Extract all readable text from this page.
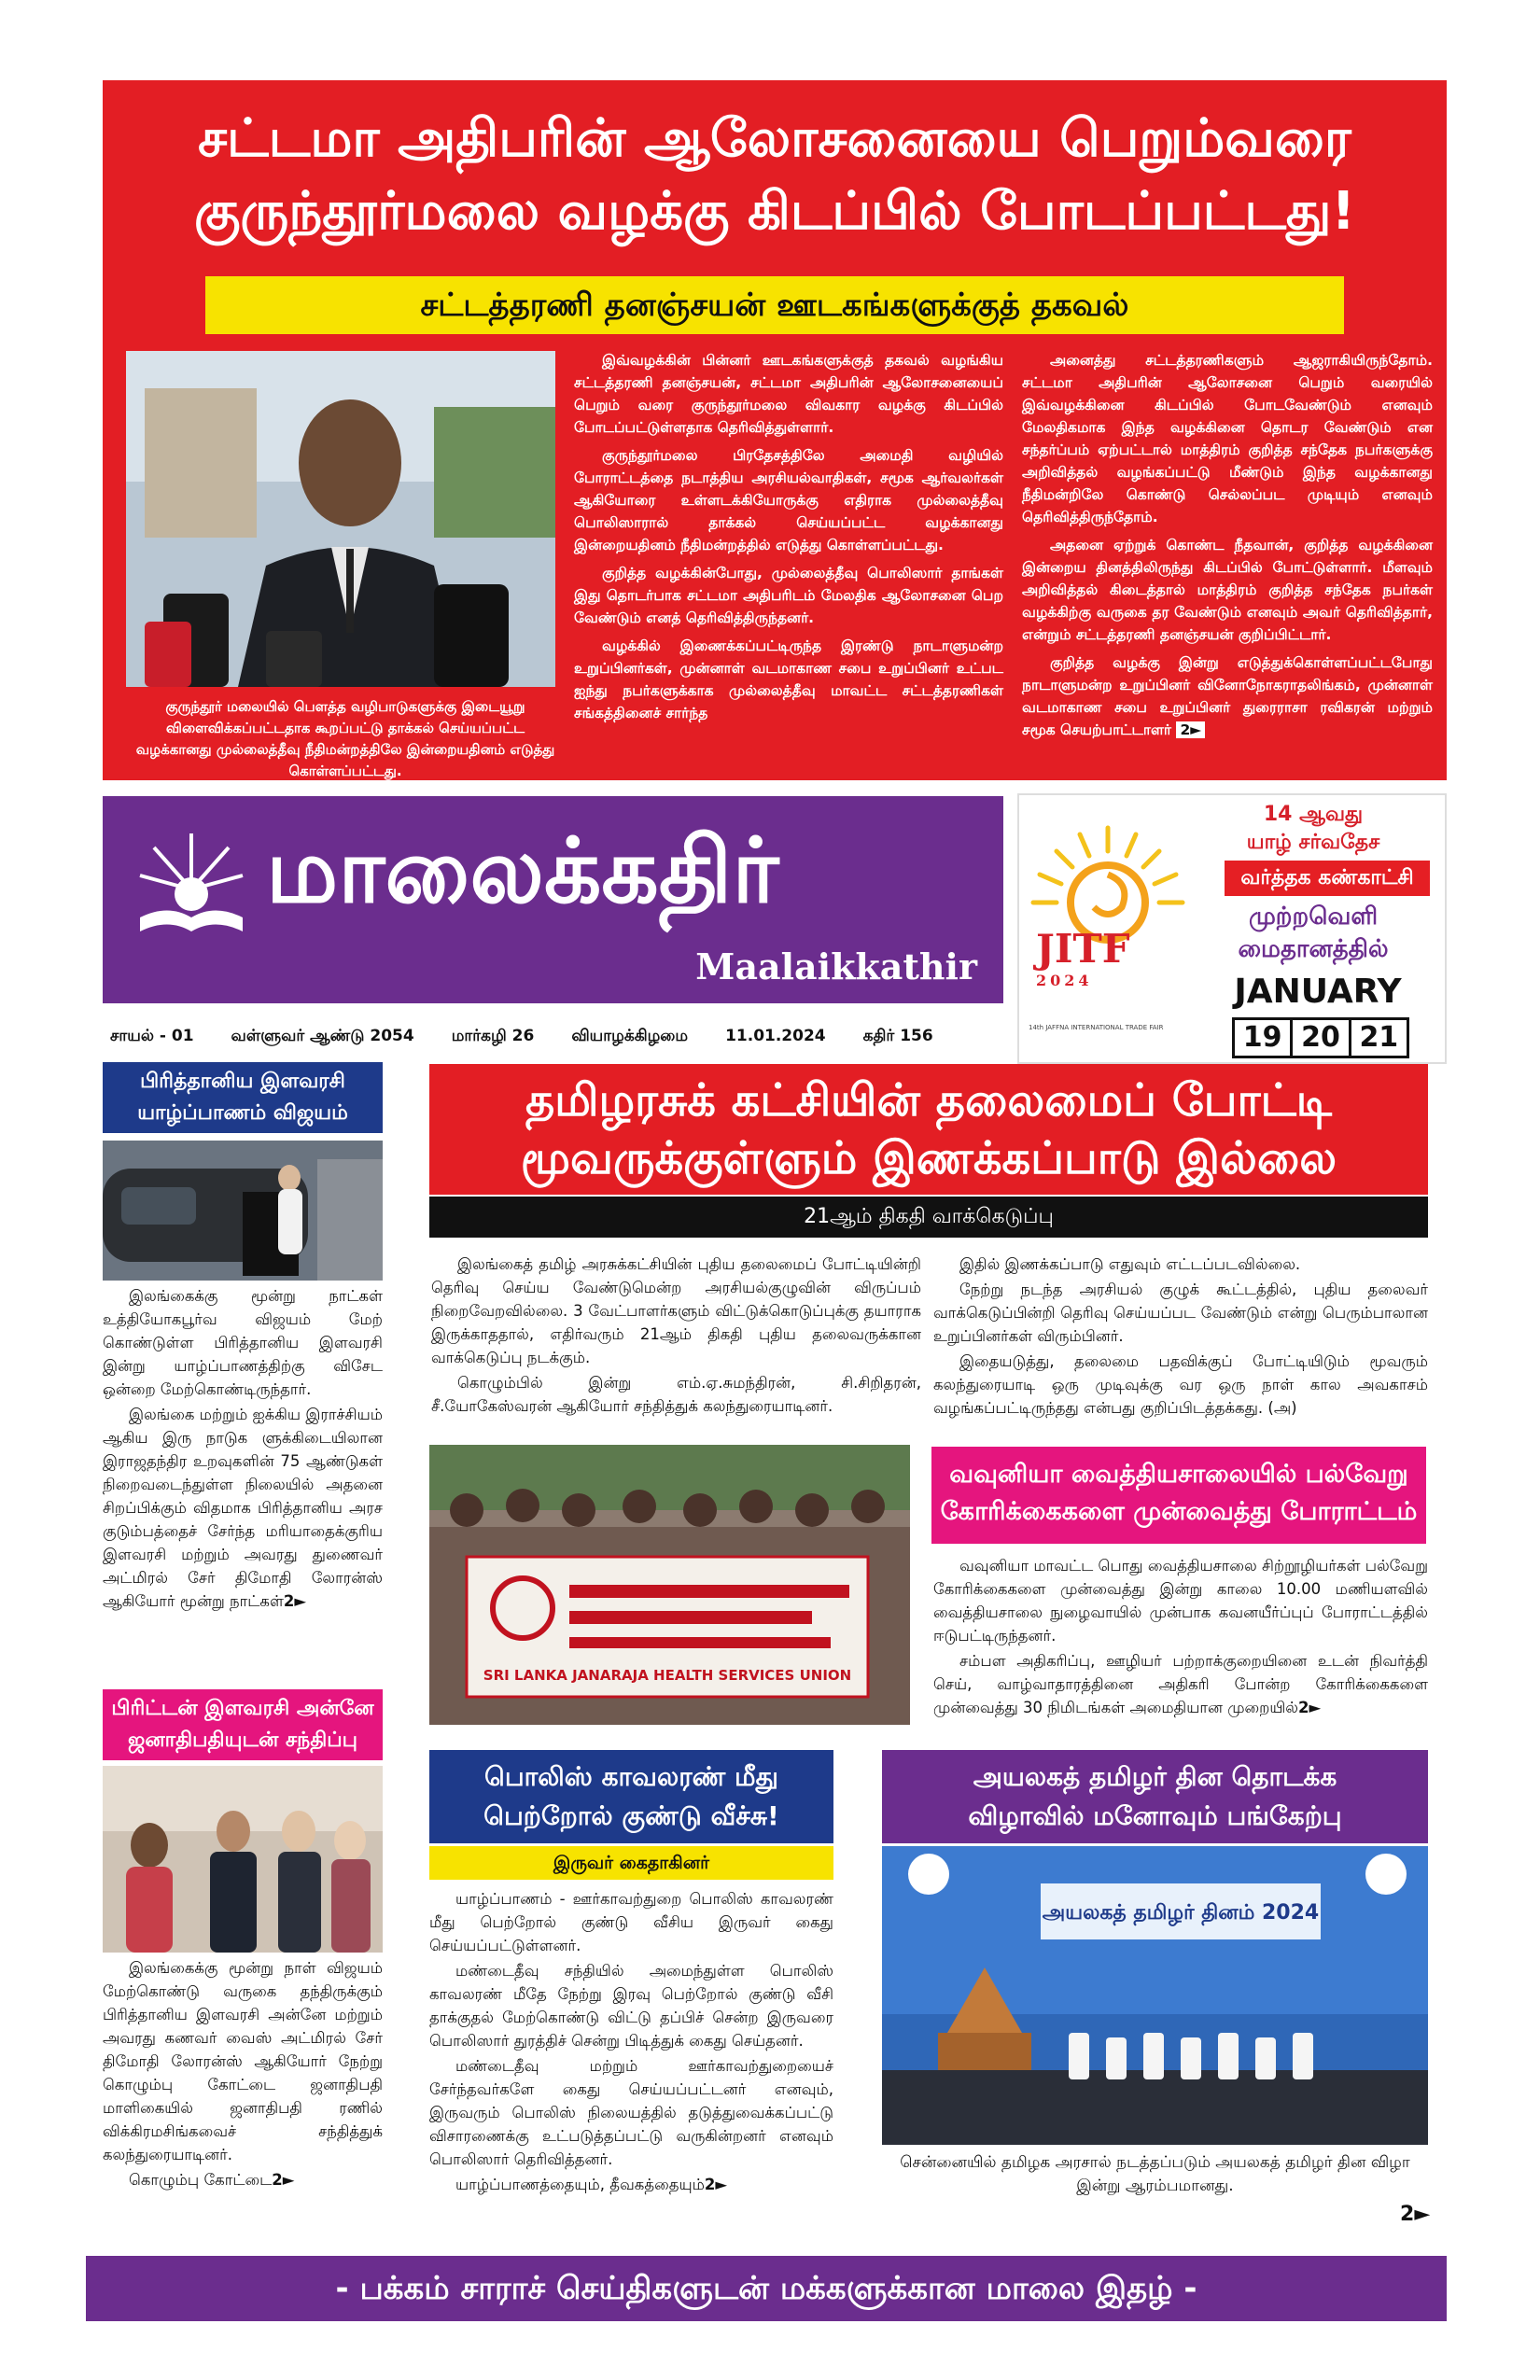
சட்டமா அதிபரின் ஆலோசனையை பெறும்வரை
குருந்தூர்மலை வழக்கு கிடப்பில் போடப்பட்டது!
சட்டத்தரணி தனஞ்சயன் ஊடகங்களுக்குத் தகவல்
குருந்தூர் மலையில் பௌத்த வழிபாடுகளுக்கு இடையூறு விளைவிக்கப்பட்டதாக கூறப்பட்டு தாக்கல் செய்யப்பட்ட வழக்கானது முல்லைத்தீவு நீதிமன்றத்திலே இன்றையதினம் எடுத்து கொள்ளப்பட்டது.

இவ்வழக்கின் பின்னர் ஊடகங்களுக்குத் தகவல் வழங்கிய சட்டத்தரணி தனஞ்சயன், சட்டமா அதிபரின் ஆலோசனையைப் பெறும் வரை குருந்தூர்மலை விவகார வழக்கு கிடப்பில் போடப்பட்டுள்ளதாக தெரிவித்துள்ளார்.

குருந்தூர்மலை பிரதேசத்திலே அமைதி வழியில் போராட்டத்தை நடாத்திய அரசியல்வாதிகள், சமூக ஆர்வலர்கள் ஆகியோரை உள்ளடக்கியோருக்கு எதிராக முல்லைத்தீவு பொலிஸாரால் தாக்கல் செய்யப்பட்ட வழக்கானது இன்றையதினம் நீதிமன்றத்தில் எடுத்து கொள்ளப்பட்டது.

குறித்த வழக்கின்போது, முல்லைத்தீவு பொலிஸார் தாங்கள் இது தொடர்பாக சட்டமா அதிபரிடம் மேலதிக ஆலோசனை பெற வேண்டும் எனத் தெரிவித்திருந்தனர்.

வழக்கில் இணைக்கப்பட்டிருந்த இரண்டு நாடாளுமன்ற உறுப்பினர்கள், முன்னாள் வடமாகாண சபை உறுப்பினர் உட்பட ஐந்து நபர்களுக்காக முல்லைத்தீவு மாவட்ட சட்டத்தரணிகள் சங்கத்தினைச் சார்ந்த

அனைத்து சட்டத்தரணிகளும் ஆஜராகியிருந்தோம். சட்டமா அதிபரின் ஆலோசனை பெறும் வரையில் இவ்வழக்கினை கிடப்பில் போடவேண்டும் எனவும் மேலதிகமாக இந்த வழக்கினை தொடர வேண்டும் என சந்தர்ப்பம் ஏற்பட்டால் மாத்திரம் குறித்த சந்தேக நபர்களுக்கு அறிவித்தல் வழங்கப்பட்டு மீண்டும் இந்த வழக்கானது நீதிமன்றிலே கொண்டு செல்லப்பட முடியும் எனவும் தெரிவித்திருந்தோம்.

அதனை ஏற்றுக் கொண்ட நீதவான், குறித்த வழக்கினை இன்றைய தினத்திலிருந்து கிடப்பில் போட்டுள்ளார். மீளவும் அறிவித்தல் கிடைத்தால் மாத்திரம் குறித்த சந்தேக நபர்கள் வழக்கிற்கு வருகை தர வேண்டும் எனவும் அவர் தெரிவித்தார், என்றும் சட்டத்தரணி தனஞ்சயன் குறிப்பிட்டார்.

குறித்த வழக்கு இன்று எடுத்துக்கொள்ளப்பட்டபோது நாடாளுமன்ற உறுப்பினர் வினோநோகராதலிங்கம், முன்னாள் வடமாகாண சபை உறுப்பினர் துரைராசா ரவிகரன் மற்றும் சமூக செயற்பாட்டாளர் 2►

மாலைக்கதிர்
Maalaikkathir JITF
2024
14th JAFFNA INTERNATIONAL TRADE FAIR
14 ஆவது
யாழ் சர்வதேச
வர்த்தக கண்காட்சி
முற்றவெளி
மைதானத்தில்
JANUARY
19 20 21
சாயல் - 01 வள்ளுவர் ஆண்டு 2054 மார்கழி 26 வியாழக்கிழமை 11.01.2024 கதிர் 156
பிரித்தானிய இளவரசி
யாழ்ப்பாணம் விஜயம்

இலங்கைக்கு மூன்று நாட்கள் உத்தியோகபூர்வ விஜயம் மேற் கொண்டுள்ள பிரித்தானிய இளவரசி இன்று யாழ்ப்பாணத்திற்கு விசேட ஒன்றை மேற்கொண்டிருந்தார்.

இலங்கை மற்றும் ஐக்கிய இராச்சியம் ஆகிய இரு நாடுக ளுக்கிடையிலான இராஜதந்திர உறவுகளின் 75 ஆண்டுகள் நிறைவடைந்துள்ள நிலையில் அதனை சிறப்பிக்கும் விதமாக பிரித்தானிய அரச குடும்பத்தைச் சேர்ந்த மரியாதைக்குரிய இளவரசி மற்றும் அவரது துணைவர் அட்மிரல் சேர் திமோதி லோரன்ஸ் ஆகியோர் மூன்று நாட்கள்2►

பிரிட்டன் இளவரசி அன்னே
ஜனாதிபதியுடன் சந்திப்பு

இலங்கைக்கு மூன்று நாள் விஜயம் மேற்கொண்டு வருகை தந்திருக்கும் பிரித்தானிய இளவரசி அன்னே மற்றும் அவரது கணவர் வைஸ் அட்மிரல் சேர் திமோதி லோரன்ஸ் ஆகியோர் நேற்று கொழும்பு கோட்டை ஜனாதிபதி மாளிகையில் ஜனாதிபதி ரணில் விக்கிரமசிங்கவைச் சந்தித்துக் கலந்துரையாடினர்.

கொழும்பு கோட்டை2►

தமிழரசுக் கட்சியின் தலைமைப் போட்டி
மூவருக்குள்ளும் இணக்கப்பாடு இல்லை
21ஆம் திகதி வாக்கெடுப்பு

இலங்கைத் தமிழ் அரசுக்கட்சியின் புதிய தலைமைப் போட்டியின்றி தெரிவு செய்ய வேண்டுமென்ற அரசியல்குழுவின் விருப்பம் நிறைவேறவில்லை. 3 வேட்பாளர்களும் விட்டுக்கொடுப்புக்கு தயாராக இருக்காததால், எதிர்வரும் 21ஆம் திகதி புதிய தலைவருக்கான வாக்கெடுப்பு நடக்கும்.

கொழும்பில் இன்று எம்.ஏ.சுமந்திரன், சி.சிறிதரன், சீ.யோகேஸ்வரன் ஆகியோர் சந்தித்துக் கலந்துரையாடினர்.

இதில் இணக்கப்பாடு எதுவும் எட்டப்படவில்லை.

நேற்று நடந்த அரசியல் குழுக் கூட்டத்தில், புதிய தலைவர் வாக்கெடுப்பின்றி தெரிவு செய்யப்பட வேண்டும் என்று பெரும்பாலான உறுப்பினர்கள் விரும்பினர்.

இதையடுத்து, தலைமை பதவிக்குப் போட்டியிடும் மூவரும் கலந்துரையாடி ஒரு முடிவுக்கு வர ஒரு நாள் கால அவகாசம் வழங்கப்பட்டிருந்தது என்பது குறிப்பிடத்தக்கது. (அ)

SRI LANKA JANARAJA HEALTH SERVICES UNION
வவுனியா வைத்தியசாலையில் பல்வேறு
கோரிக்கைகளை முன்வைத்து போராட்டம்

வவுனியா மாவட்ட பொது வைத்தியசாலை சிற்றூழியர்கள் பல்வேறு கோரிக்கைகளை முன்வைத்து இன்று காலை 10.00 மணியளவில் வைத்தியசாலை நுழைவாயில் முன்பாக கவனயீர்ப்புப் போராட்டத்தில் ஈடுபட்டிருந்தனர்.

சம்பள அதிகரிப்பு, ஊழியர் பற்றாக்குறையினை உடன் நிவர்த்தி செய், வாழ்வாதாரத்தினை அதிகரி போன்ற கோரிக்கைகளை முன்வைத்து 30 நிமிடங்கள் அமைதியான முறையில்2►

பொலிஸ் காவலரண் மீது
பெற்றோல் குண்டு வீச்சு!
இருவர் கைதாகினர்

யாழ்ப்பாணம் - ஊர்காவற்துறை பொலிஸ் காவலரண் மீது பெற்றோல் குண்டு வீசிய இருவர் கைது செய்யப்பட்டுள்ளனர்.

மண்டைதீவு சந்தியில் அமைந்துள்ள பொலிஸ் காவலரண் மீதே நேற்று இரவு பெற்றோல் குண்டு வீசி தாக்குதல் மேற்கொண்டு விட்டு தப்பிச் சென்ற இருவரை பொலிஸார் துரத்திச் சென்று பிடித்துக் கைது செய்தனர்.

மண்டைதீவு மற்றும் ஊர்காவற்துறையைச் சேர்ந்தவர்களே கைது செய்யப்பட்டனர் எனவும், இருவரும் பொலிஸ் நிலையத்தில் தடுத்துவைக்கப்பட்டு விசாரணைக்கு உட்படுத்தப்பட்டு வருகின்றனர் எனவும் பொலிஸார் தெரிவித்தனர்.

யாழ்ப்பாணத்தையும், தீவகத்தையும்2►

அயலகத் தமிழர் தின தொடக்க
விழாவில் மனோவும் பங்கேற்பு
அயலகத் தமிழர் தினம் 2024
சென்னையில் தமிழக அரசால் நடத்தப்படும் அயலகத் தமிழர் தின விழா இன்று ஆரம்பமானது.
2►
- பக்கம் சாராச் செய்திகளுடன் மக்களுக்கான மாலை இதழ் -
